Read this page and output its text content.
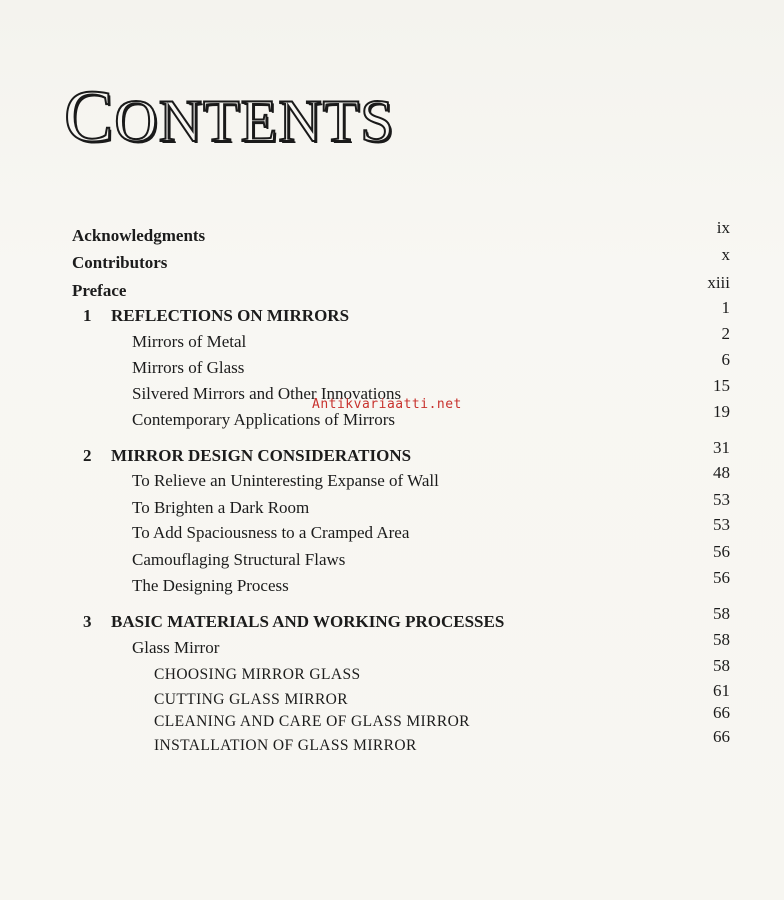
CONTENTS
Acknowledgments	ix
Contributors	x
Preface	xiii
1 REFLECTIONS ON MIRRORS	1
Mirrors of Metal	2
Mirrors of Glass	6
Silvered Mirrors and Other Innovations	15
Contemporary Applications of Mirrors	19
2 MIRROR DESIGN CONSIDERATIONS	31
To Relieve an Uninteresting Expanse of Wall	48
To Brighten a Dark Room	53
To Add Spaciousness to a Cramped Area	53
Camouflaging Structural Flaws	56
The Designing Process	56
3 BASIC MATERIALS AND WORKING PROCESSES	58
Glass Mirror	58
CHOOSING MIRROR GLASS	58
CUTTING GLASS MIRROR	61
CLEANING AND CARE OF GLASS MIRROR	66
INSTALLATION OF GLASS MIRROR	66
Antikvariaatti.net
